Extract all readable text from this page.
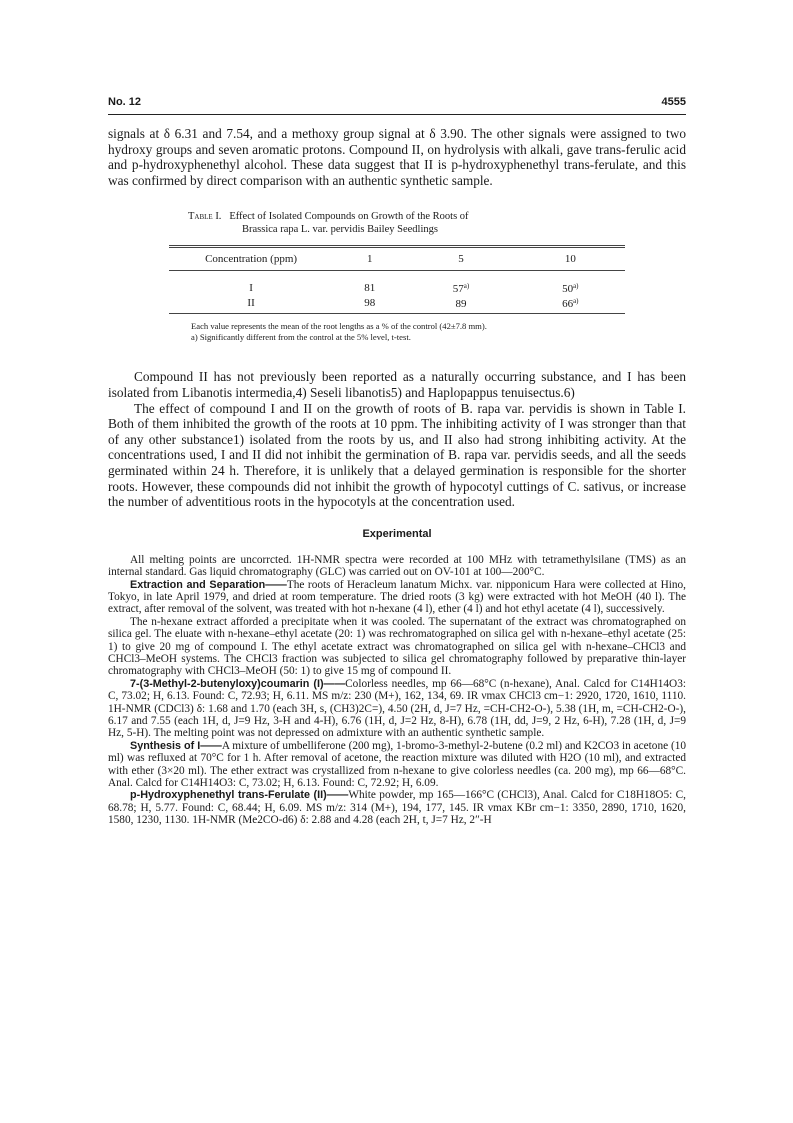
No. 12	4555

signals at δ 6.31 and 7.54, and a methoxy group signal at δ 3.90. The other signals were assigned to two hydroxy groups and seven aromatic protons. Compound II, on hydrolysis with alkali, gave trans-ferulic acid and p-hydroxyphenethyl alcohol. These data suggest that II is p-hydroxyphenethyl trans-ferulate, and this was confirmed by direct comparison with an authentic synthetic sample.

Table I. Effect of Isolated Compounds on Growth of the Roots of
Brassica rapa L. var. pervidis Bailey Seedlings
Concentration (ppm)	1	5	10
I	81	57$^{a)}$	50$^{a)}$
II	98	89	66$^{a)}$
Each value represents the mean of the root lengths as a % of the control (42±7.8 mm).
a) Significantly different from the control at the 5% level, t-test.

Compound II has not previously been reported as a naturally occurring substance, and I has been isolated from Libanotis intermedia,4) Seseli libanotis5) and Haplopappus tenuisectus.6)

The effect of compound I and II on the growth of roots of B. rapa var. pervidis is shown in Table I. Both of them inhibited the growth of the roots at 10 ppm. The inhibiting activity of I was stronger than that of any other substance1) isolated from the roots by us, and II also had strong inhibiting activity. At the concentrations used, I and II did not inhibit the germination of B. rapa var. pervidis seeds, and all the seeds germinated within 24 h. Therefore, it is unlikely that a delayed germination is responsible for the shorter roots. However, these compounds did not inhibit the growth of hypocotyl cuttings of C. sativus, or increase the number of adventitious roots in the hypocotyls at the concentration used.

Experimental

All melting points are uncorrcted. 1H-NMR spectra were recorded at 100 MHz with tetramethylsilane (TMS) as an internal standard. Gas liquid chromatography (GLC) was carried out on OV-101 at 100—200°C.

Extraction and Separation——The roots of Heracleum lanatum Michx. var. nipponicum Hara were collected at Hino, Tokyo, in late April 1979, and dried at room temperature. The dried roots (3 kg) were extracted with hot MeOH (40 l). The extract, after removal of the solvent, was treated with hot n-hexane (4 l), ether (4 l) and hot ethyl acetate (4 l), successively.

The n-hexane extract afforded a precipitate when it was cooled. The supernatant of the extract was chromatographed on silica gel. The eluate with n-hexane–ethyl acetate (20: 1) was rechromatographed on silica gel with n-hexane–ethyl acetate (25: 1) to give 20 mg of compound I. The ethyl acetate extract was chromatographed on silica gel with n-hexane–CHCl3 and CHCl3–MeOH systems. The CHCl3 fraction was subjected to silica gel chromatography followed by preparative thin-layer chromatography with CHCl3–MeOH (50: 1) to give 15 mg of compound II.

7-(3-Methyl-2-butenyloxy)coumarin (I)——Colorless needles, mp 66—68°C (n-hexane), Anal. Calcd for C14H14O3: C, 73.02; H, 6.13. Found: C, 72.93; H, 6.11. MS m/z: 230 (M+), 162, 134, 69. IR νmax CHCl3 cm−1: 2920, 1720, 1610, 1110. 1H-NMR (CDCl3) δ: 1.68 and 1.70 (each 3H, s, (CH3)2C=), 4.50 (2H, d, J=7 Hz, =CH-CH2-O-), 5.38 (1H, m, =CH-CH2-O-), 6.17 and 7.55 (each 1H, d, J=9 Hz, 3-H and 4-H), 6.76 (1H, d, J=2 Hz, 8-H), 6.78 (1H, dd, J=9, 2 Hz, 6-H), 7.28 (1H, d, J=9 Hz, 5-H). The melting point was not depressed on admixture with an authentic synthetic sample.

Synthesis of I——A mixture of umbelliferone (200 mg), 1-bromo-3-methyl-2-butene (0.2 ml) and K2CO3 in acetone (10 ml) was refluxed at 70°C for 1 h. After removal of acetone, the reaction mixture was diluted with H2O (10 ml), and extracted with ether (3×20 ml). The ether extract was crystallized from n-hexane to give colorless needles (ca. 200 mg), mp 66—68°C. Anal. Calcd for C14H14O3: C, 73.02; H, 6.13. Found: C, 72.92; H, 6.09.

p-Hydroxyphenethyl trans-Ferulate (II)——White powder, mp 165—166°C (CHCl3), Anal. Calcd for C18H18O5: C, 68.78; H, 5.77. Found: C, 68.44; H, 6.09. MS m/z: 314 (M+), 194, 177, 145. IR νmax KBr cm−1: 3350, 2890, 1710, 1620, 1580, 1230, 1130. 1H-NMR (Me2CO-d6) δ: 2.88 and 4.28 (each 2H, t, J=7 Hz, 2″-H
